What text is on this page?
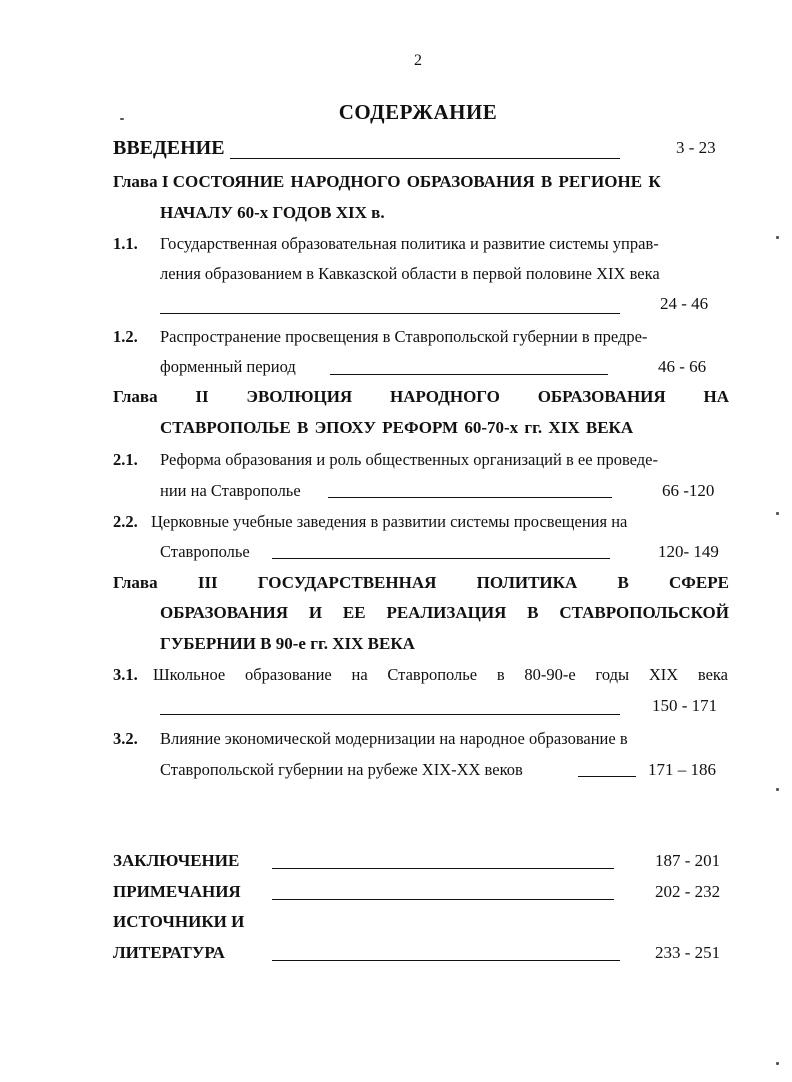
2
СОДЕРЖАНИЕ
ВВЕДЕНИЕ	3 - 23
Глава I СОСТОЯНИЕ НАРОДНОГО ОБРАЗОВАНИЯ В РЕГИОНЕ К
НАЧАЛУ 60-х ГОДОВ XIX в.
1.1. Государственная образовательная политика и развитие системы управ-
ления образованием в Кавказской области в первой половине XIX века
24 - 46
1.2. Распространение просвещения в Ставропольской губернии в предре-
форменный период	46 - 66
Глава II ЭВОЛЮЦИЯ НАРОДНОГО ОБРАЗОВАНИЯ НА
СТАВРОПОЛЬЕ В ЭПОХУ РЕФОРМ 60-70-х гг. XIX ВЕКА
2.1. Реформа образования и роль общественных организаций в ее проведе-
нии на Ставрополье	66 -120
2.2. Церковные учебные заведения в развитии системы просвещения на
Ставрополье	120- 149
Глава III ГОСУДАРСТВЕННАЯ ПОЛИТИКА В СФЕРЕ
ОБРАЗОВАНИЯ И ЕЕ РЕАЛИЗАЦИЯ В СТАВРОПОЛЬСКОЙ
ГУБЕРНИИ В 90-е гг. XIX ВЕКА
3.1. Школьное образование на Ставрополье в 80-90-е годы XIX века
150 - 171
3.2. Влияние экономической модернизации на народное образование в
Ставропольской губернии на рубеже XIX-XX веков	171 – 186
ЗАКЛЮЧЕНИЕ	187 - 201
ПРИМЕЧАНИЯ	202 - 232
ИСТОЧНИКИ И
ЛИТЕРАТУРА	233 - 251
